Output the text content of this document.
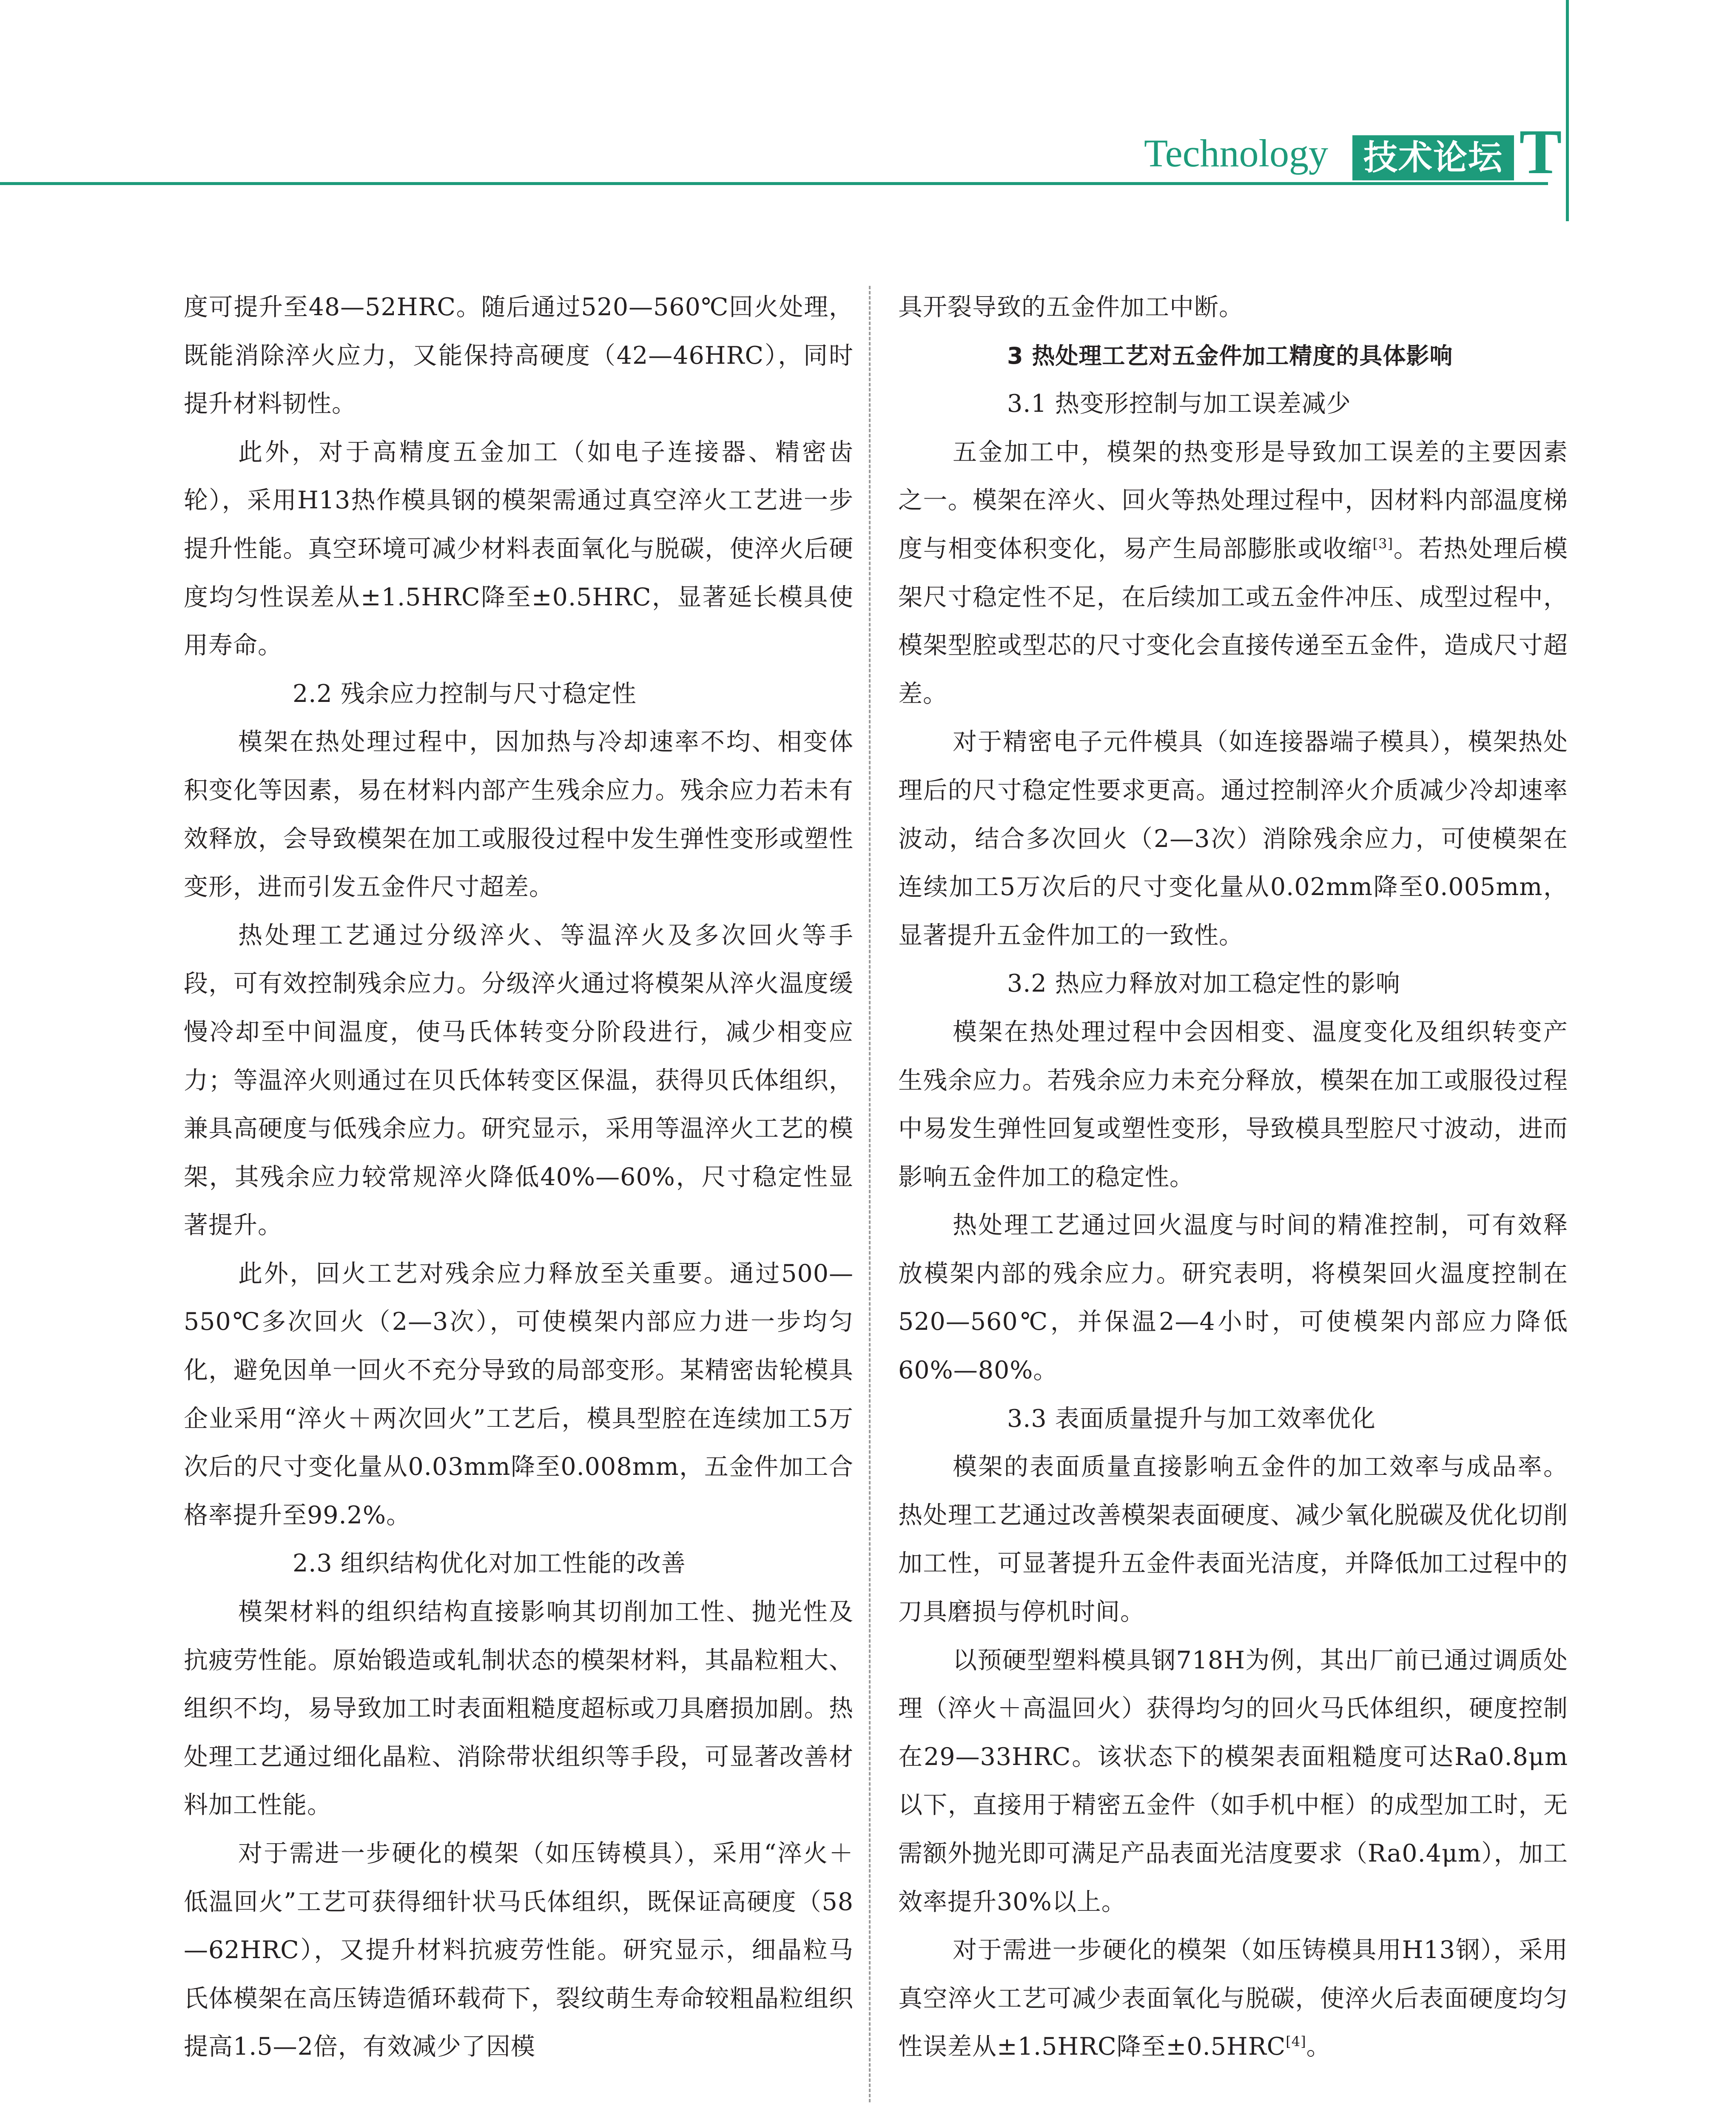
Technology	技术论坛 T

度可提升至48—52HRC。随后通过520—560℃回火处理，既能消除淬火应力，又能保持高硬度（42—46HRC），同时提升材料韧性。

此外，对于高精度五金加工（如电子连接器、精密齿轮），采用H13热作模具钢的模架需通过真空淬火工艺进一步提升性能。真空环境可减少材料表面氧化与脱碳，使淬火后硬度均匀性误差从±1.5HRC降至±0.5HRC，显著延长模具使用寿命。

2.2 残余应力控制与尺寸稳定性

模架在热处理过程中，因加热与冷却速率不均、相变体积变化等因素，易在材料内部产生残余应力。残余应力若未有效释放，会导致模架在加工或服役过程中发生弹性变形或塑性变形，进而引发五金件尺寸超差。

热处理工艺通过分级淬火、等温淬火及多次回火等手段，可有效控制残余应力。分级淬火通过将模架从淬火温度缓慢冷却至中间温度，使马氏体转变分阶段进行，减少相变应力；等温淬火则通过在贝氏体转变区保温，获得贝氏体组织，兼具高硬度与低残余应力。研究显示，采用等温淬火工艺的模架，其残余应力较常规淬火降低40%—60%，尺寸稳定性显著提升。

此外，回火工艺对残余应力释放至关重要。通过500—550℃多次回火（2—3次），可使模架内部应力进一步均匀化，避免因单一回火不充分导致的局部变形。某精密齿轮模具企业采用“淬火＋两次回火”工艺后，模具型腔在连续加工5万次后的尺寸变化量从0.03mm降至0.008mm，五金件加工合格率提升至99.2%。

2.3 组织结构优化对加工性能的改善

模架材料的组织结构直接影响其切削加工性、抛光性及抗疲劳性能。原始锻造或轧制状态的模架材料，其晶粒粗大、组织不均，易导致加工时表面粗糙度超标或刀具磨损加剧。热处理工艺通过细化晶粒、消除带状组织等手段，可显著改善材料加工性能。

对于需进一步硬化的模架（如压铸模具），采用“淬火＋低温回火”工艺可获得细针状马氏体组织，既保证高硬度（58—62HRC），又提升材料抗疲劳性能。研究显示，细晶粒马氏体模架在高压铸造循环载荷下，裂纹萌生寿命较粗晶粒组织提高1.5—2倍，有效减少了因模

具开裂导致的五金件加工中断。

3 热处理工艺对五金件加工精度的具体影响

3.1 热变形控制与加工误差减少

五金加工中，模架的热变形是导致加工误差的主要因素之一。模架在淬火、回火等热处理过程中，因材料内部温度梯度与相变体积变化，易产生局部膨胀或收缩[3]。若热处理后模架尺寸稳定性不足，在后续加工或五金件冲压、成型过程中，模架型腔或型芯的尺寸变化会直接传递至五金件，造成尺寸超差。

对于精密电子元件模具（如连接器端子模具），模架热处理后的尺寸稳定性要求更高。通过控制淬火介质减少冷却速率波动，结合多次回火（2—3次）消除残余应力，可使模架在连续加工5万次后的尺寸变化量从0.02mm降至0.005mm，显著提升五金件加工的一致性。

3.2 热应力释放对加工稳定性的影响

模架在热处理过程中会因相变、温度变化及组织转变产生残余应力。若残余应力未充分释放，模架在加工或服役过程中易发生弹性回复或塑性变形，导致模具型腔尺寸波动，进而影响五金件加工的稳定性。

热处理工艺通过回火温度与时间的精准控制，可有效释放模架内部的残余应力。研究表明，将模架回火温度控制在520—560℃，并保温2—4小时，可使模架内部应力降低60%—80%。

3.3 表面质量提升与加工效率优化

模架的表面质量直接影响五金件的加工效率与成品率。热处理工艺通过改善模架表面硬度、减少氧化脱碳及优化切削加工性，可显著提升五金件表面光洁度，并降低加工过程中的刀具磨损与停机时间。

以预硬型塑料模具钢718H为例，其出厂前已通过调质处理（淬火＋高温回火）获得均匀的回火马氏体组织，硬度控制在29—33HRC。该状态下的模架表面粗糙度可达Ra0.8μm以下，直接用于精密五金件（如手机中框）的成型加工时，无需额外抛光即可满足产品表面光洁度要求（Ra0.4μm），加工效率提升30%以上。

对于需进一步硬化的模架（如压铸模具用H13钢），采用真空淬火工艺可减少表面氧化与脱碳，使淬火后表面硬度均匀性误差从±1.5HRC降至±0.5HRC[4]。
